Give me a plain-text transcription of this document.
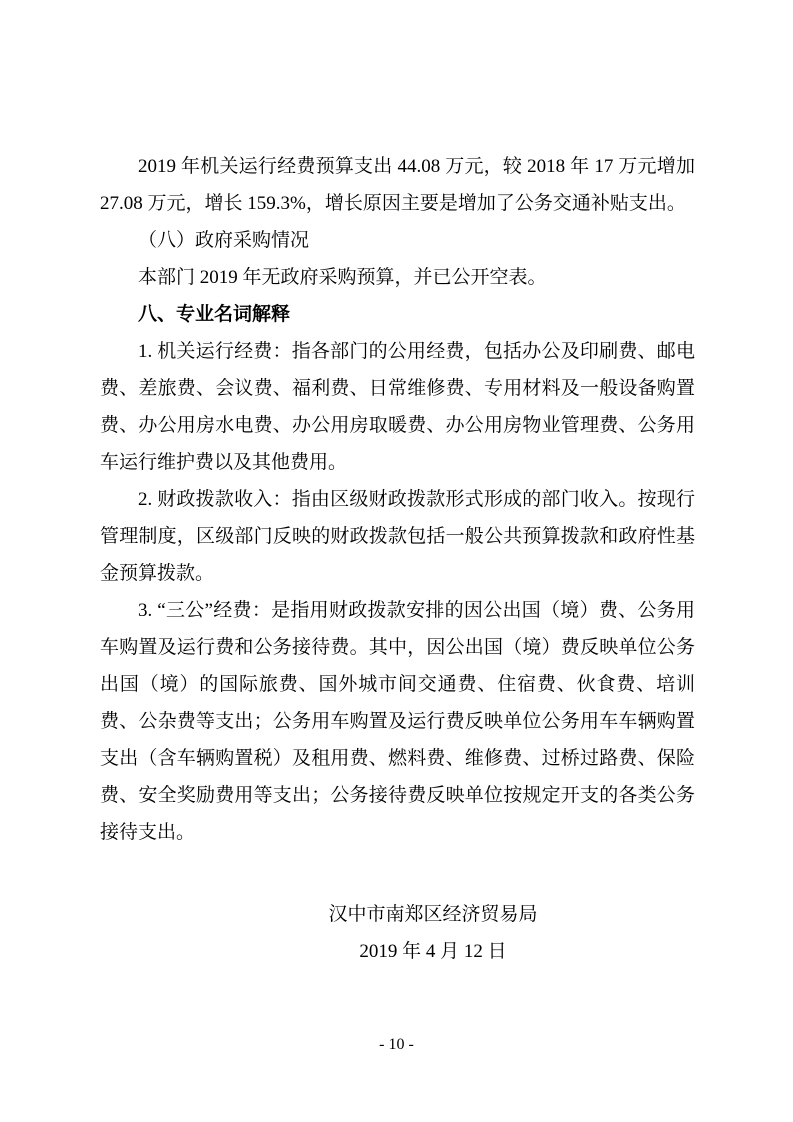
2019 年机关运行经费预算支出 44.08 万元，较 2018 年 17 万元增加 27.08 万元，增长 159.3%，增长原因主要是增加了公务交通补贴支出。

（八）政府采购情况

本部门 2019 年无政府采购预算，并已公开空表。

八、专业名词解释

1. 机关运行经费：指各部门的公用经费，包括办公及印刷费、邮电费、差旅费、会议费、福利费、日常维修费、专用材料及一般设备购置费、办公用房水电费、办公用房取暖费、办公用房物业管理费、公务用车运行维护费以及其他费用。

2. 财政拨款收入：指由区级财政拨款形式形成的部门收入。按现行管理制度，区级部门反映的财政拨款包括一般公共预算拨款和政府性基金预算拨款。

3. “三公”经费：是指用财政拨款安排的因公出国（境）费、公务用车购置及运行费和公务接待费。其中，因公出国（境）费反映单位公务出国（境）的国际旅费、国外城市间交通费、住宿费、伙食费、培训费、公杂费等支出；公务用车购置及运行费反映单位公务用车车辆购置支出（含车辆购置税）及租用费、燃料费、维修费、过桥过路费、保险费、安全奖励费用等支出；公务接待费反映单位按规定开支的各类公务接待支出。

汉中市南郑区经济贸易局
2019 年 4 月 12 日
- 10 -
